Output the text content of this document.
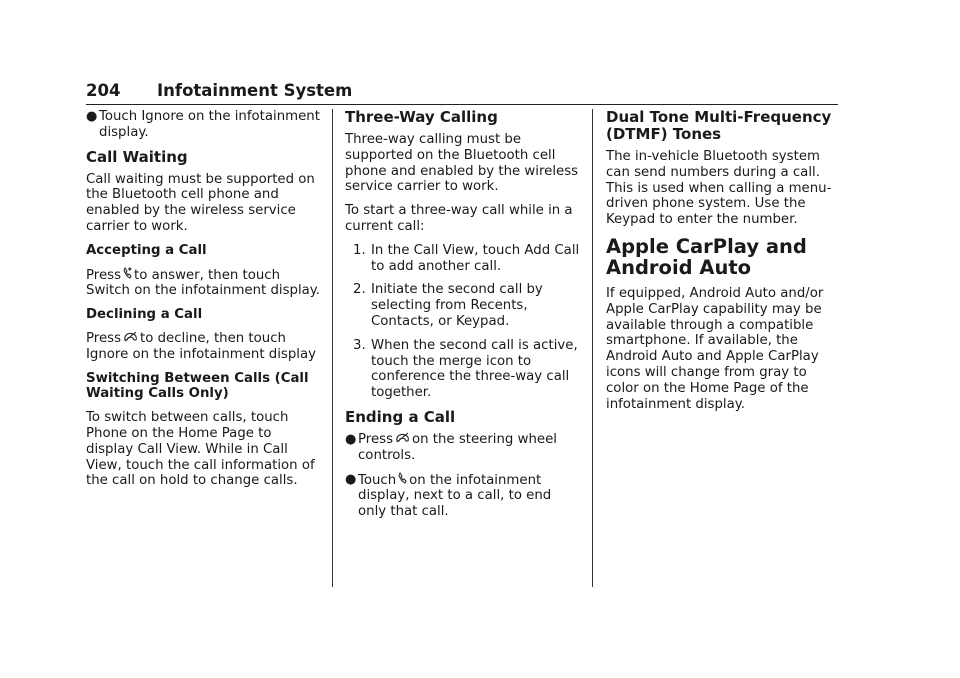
204 Infotainment System
● Touch Ignore on the infotainment display.
Call Waiting

Call waiting must be supported on the Bluetooth cell phone and enabled by the wireless service carrier to work.

Accepting a Call

Press to answer, then touch Switch on the infotainment display.

Declining a Call

Press to decline, then touch Ignore on the infotainment display

Switching Between Calls (Call Waiting Calls Only)

To switch between calls, touch Phone on the Home Page to display Call View. While in Call View, touch the call information of the call on hold to change calls.

Three-Way Calling

Three-way calling must be supported on the Bluetooth cell phone and enabled by the wireless service carrier to work.

To start a three-way call while in a current call:

1. In the Call View, touch Add Call to add another call.
2. Initiate the second call by selecting from Recents, Contacts, or Keypad.
3. When the second call is active, touch the merge icon to conference the three-way call together.
Ending a Call
● Press on the steering wheel controls.
● Touch on the infotainment display, next to a call, to end only that call.
Dual Tone Multi-Frequency (DTMF) Tones

The in-vehicle Bluetooth system can send numbers during a call. This is used when calling a menu-driven phone system. Use the Keypad to enter the number.

Apple CarPlay and Android Auto

If equipped, Android Auto and/or Apple CarPlay capability may be available through a compatible smartphone. If available, the Android Auto and Apple CarPlay icons will change from gray to color on the Home Page of the infotainment display.
